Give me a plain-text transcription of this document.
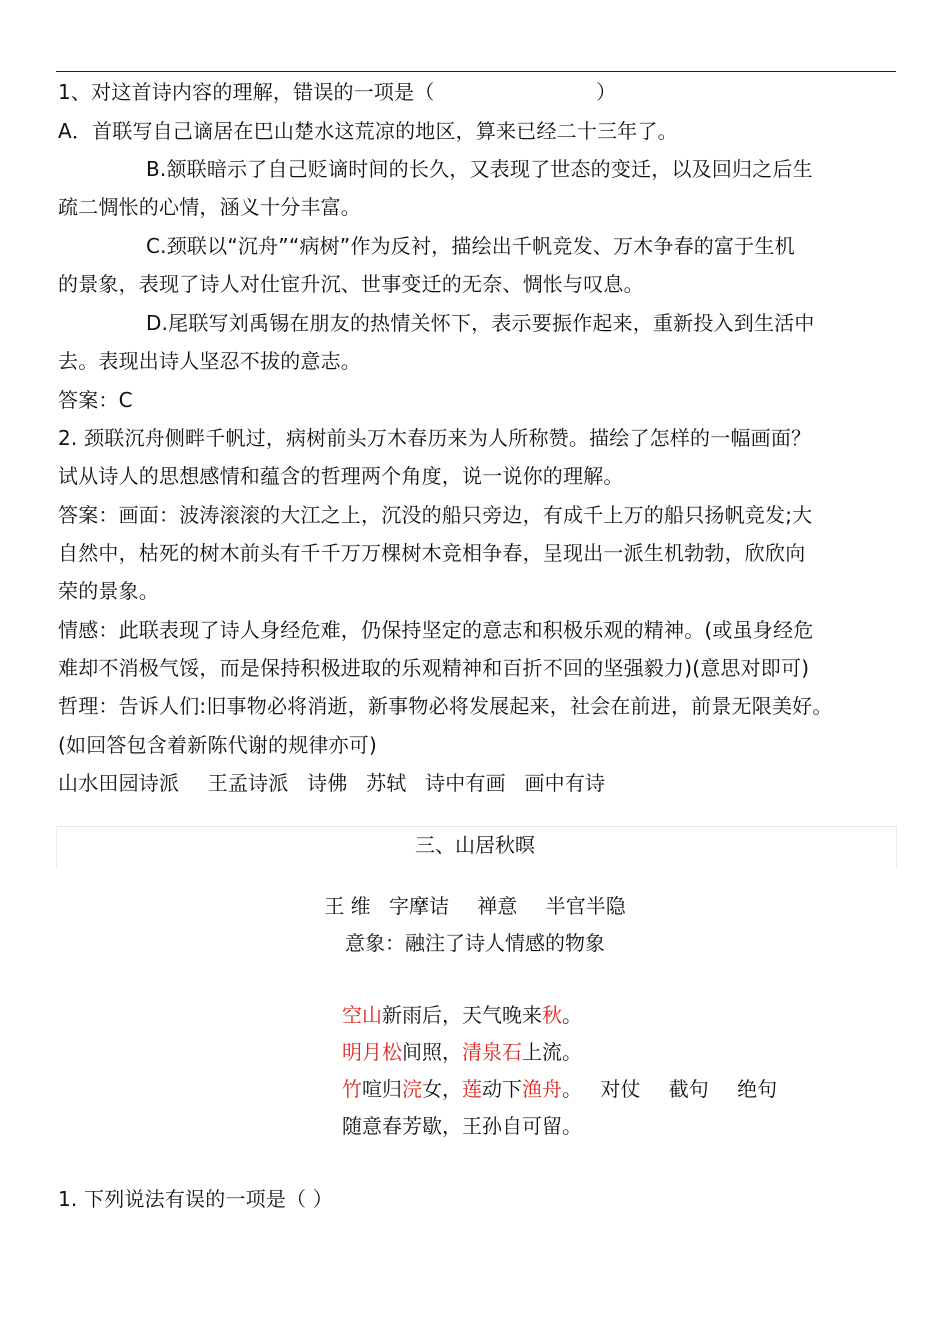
1、对这首诗内容的理解，错误的一项是（　　　　　　　　）
A．首联写自己谪居在巴山楚水这荒凉的地区，算来已经二十三年了。
B.颔联暗示了自己贬谪时间的长久，又表现了世态的变迁，以及回归之后生
疏二惆怅的心情，涵义十分丰富。
C.颈联以“沉舟”“病树”作为反衬，描绘出千帆竞发、万木争春的富于生机
的景象，表现了诗人对仕宦升沉、世事变迁的无奈、惆怅与叹息。
D.尾联写刘禹锡在朋友的热情关怀下，表示要振作起来，重新投入到生活中
去。表现出诗人坚忍不拔的意志。
答案：C
2. 颈联沉舟侧畔千帆过，病树前头万木春历来为人所称赞。描绘了怎样的一幅画面？
试从诗人的思想感情和蕴含的哲理两个角度，说一说你的理解。
答案：画面：波涛滚滚的大江之上，沉没的船只旁边，有成千上万的船只扬帆竞发;大
自然中，枯死的树木前头有千千万万棵树木竞相争春，呈现出一派生机勃勃，欣欣向
荣的景象。
情感：此联表现了诗人身经危难，仍保持坚定的意志和积极乐观的精神。(或虽身经危
难却不消极气馁，而是保持积极进取的乐观精神和百折不回的坚强毅力)(意思对即可)
哲理：告诉人们:旧事物必将消逝，新事物必将发展起来，社会在前进，前景无限美好。
(如回答包含着新陈代谢的规律亦可)
山水田园诗派 王孟诗派 诗佛 苏轼 诗中有画 画中有诗
三、山居秋暝
王 维 字摩诘 禅意 半官半隐
意象：融注了诗人情感的物象
空山新雨后，天气晚来秋。
明月松间照，清泉石上流。
竹喧归浣女，莲动下渔舟。 对仗 截句 绝句
随意春芳歇，王孙自可留。
1. 下列说法有误的一项是（ ）
